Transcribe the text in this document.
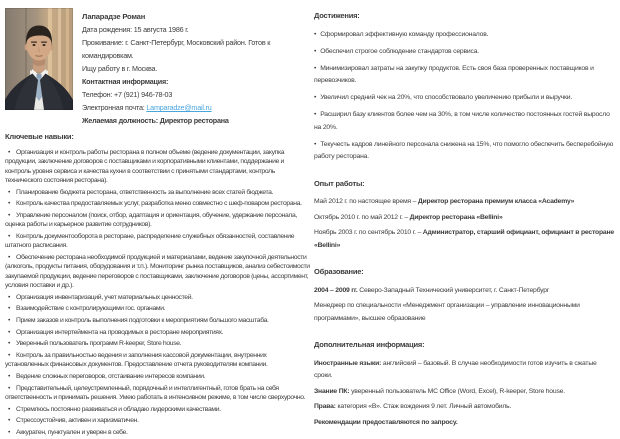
Лапарадзе Роман
Дата рождения: 15 августа 1986 г.
Проживание: г. Санкт-Петербург, Московский район. Готов к командировкам.
Ищу работу в г. Москва.
Контактная информация:
Телефон: +7 (921) 946-78-03
Электронная почта: Lamparadze@mail.ru
Желаемая должность: Директор ресторана
Ключевые навыки:
• Организация и контроль работы ресторана в полном объеме (ведение документации, закупка продукции, заключение договоров с поставщиками и корпоративными клиентами, поддержание и контроль уровня сервиса и качества кухни в соответствии с принятыми стандартами, контроль технического состояния ресторана).
• Планирование бюджета ресторана, ответственность за выполнение всех статей бюджета.
• Контроль качества предоставляемых услуг, разработка меню совместно с шеф-поваром ресторана.
• Управление персоналом (поиск, отбор, адаптация и ориентация, обучение, удержание персонала, оценка работы и карьерное развитие сотрудников).
• Контроль документооборота в ресторане, распределение служебных обязанностей, составление штатного расписания.
• Обеспечение ресторана необходимой продукцией и материалами, ведение закупочной деятельности (алкоголь, продукты питания, оборудования и т.п.). Мониторинг рынка поставщиков, анализ себестоимости закупаемой продукции, ведение переговоров с поставщиками, заключение договоров (цены, ассортимент, условия поставки и др.).
• Организация инвентаризаций, учет материальных ценностей.
• Взаимодействие с контролирующими гос. органами.
• Прием заказов и контроль выполнения подготовки к мероприятиям большого масштаба.
• Организация интертеймента на проводимых в ресторане мероприятиях.
• Уверенный пользователь программ R-keeper, Store house.
• Контроль за правильностью ведения и заполнения кассовой документации, внутренних установленных финансовых документов. Предоставление отчета руководителям компании.
• Ведение сложных переговоров, отстаивание интересов компании.
• Представительный, целеустремленный, порядочный и интеллигентный, готов брать на себя ответственность и принимать решения. Умею работать в интенсивном режиме, в том числе сверхурочно.
• Стремлюсь постоянно развиваться и обладаю лидерскими качествами.
• Стрессоустойчив, активен и харизматичен.
• Аккуратен, пунктуален и уверен в себе.
Достижения:
• Сформировал эффективную команду профессионалов.
• Обеспечил строгое соблюдение стандартов сервиса.
• Минимизировал затраты на закупку продуктов. Есть своя база проверенных поставщиков и перевозчиков.
• Увеличил средний чек на 20%, что способствовало увеличению прибыли и выручки.
• Расширил базу клиентов более чем на 30%, в том числе количество постоянных гостей выросло на 20%.
• Текучесть кадров линейного персонала снижена на 15%, что помогло обеспечить бесперебойную работу ресторана.
Опыт работы:
Май 2012 г. по настоящее время – Директор ресторана премиум класса «Academy»
Октябрь 2010 г. по май 2012 г. – Директор ресторана «Bellini»
Ноябрь 2003 г. по сентябрь 2010 г. – Администратор, старший официант, официант в ресторане «Bellini»
Образование:
2004 – 2009 гг. Северо-Западный Технический университет, г. Санкт-Петербург
Менеджер по специальности «Менеджмент организации – управление инновационными программами», высшее образование
Дополнительная информация:
Иностранные языки: английский – базовый. В случае необходимости готов изучить в сжатые сроки.
Знание ПК: уверенный пользователь MC Office (Word, Excel), R-keeper, Store house.
Права: категория «В». Стаж вождения 9 лет. Личный автомобиль.
Рекомендации предоставляются по запросу.
